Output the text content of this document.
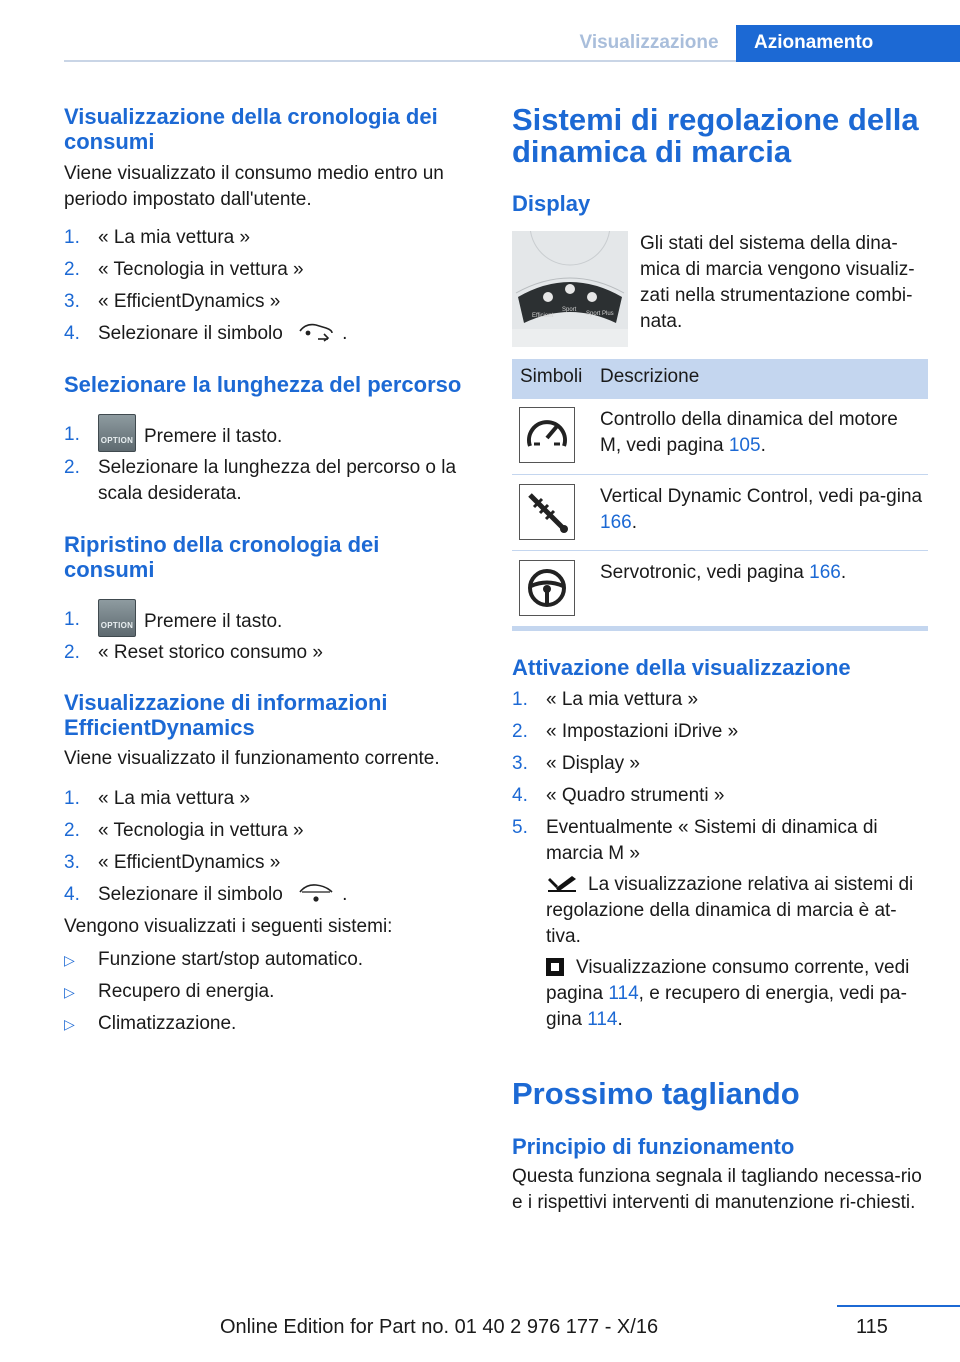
Visualizzazione	Azionamento
Visualizzazione della cronologia dei consumi
Viene visualizzato il consumo medio entro un periodo impostato dall'utente.
1. « La mia vettura »
2. « Tecnologia in vettura »
3. « EfficientDynamics »
4. Selezionare il simbolo	.
Selezionare la lunghezza del percorso
1.	OPTION Premere il tasto.
2. Selezionare la lunghezza del percorso o la scala desiderata.
Ripristino della cronologia dei consumi
1.	OPTION Premere il tasto.
2. « Reset storico consumo »
Visualizzazione di informazioni EfficientDynamics
Viene visualizzato il funzionamento corrente.
1. « La mia vettura »
2. « Tecnologia in vettura »
3. « EfficientDynamics »
4. Selezionare il simbolo	.
Vengono visualizzati i seguenti sistemi:
▷ Funzione start/stop automatico.
▷ Recupero di energia.
▷ Climatizzazione.
Sistemi di regolazione della dinamica di marcia
Display
Efficient
Sport
Sport Plus
Gli stati del sistema della dina-mica di marcia vengono visualiz-zati nella strumentazione combi-nata.
Simboli Descrizione
Controllo della dinamica del motore M, vedi pagina 105.
Vertical Dynamic Control, vedi pa-gina 166.
Servotronic, vedi pagina 166.
Attivazione della visualizzazione
1. « La mia vettura »
2. « Impostazioni iDrive »
3. « Display »
4. « Quadro strumenti »
5. Eventualmente « Sistemi di dinamica di marcia M »
La visualizzazione relativa ai sistemi di regolazione della dinamica di marcia è at-tiva.
Visualizzazione consumo corrente, vedi pagina 114, e recupero di energia, vedi pa-gina 114.
Prossimo tagliando
Principio di funzionamento
Questa funziona segnala il tagliando necessa-rio e i rispettivi interventi di manutenzione ri-chiesti.
Online Edition for Part no. 01 40 2 976 177 - X/16	115
